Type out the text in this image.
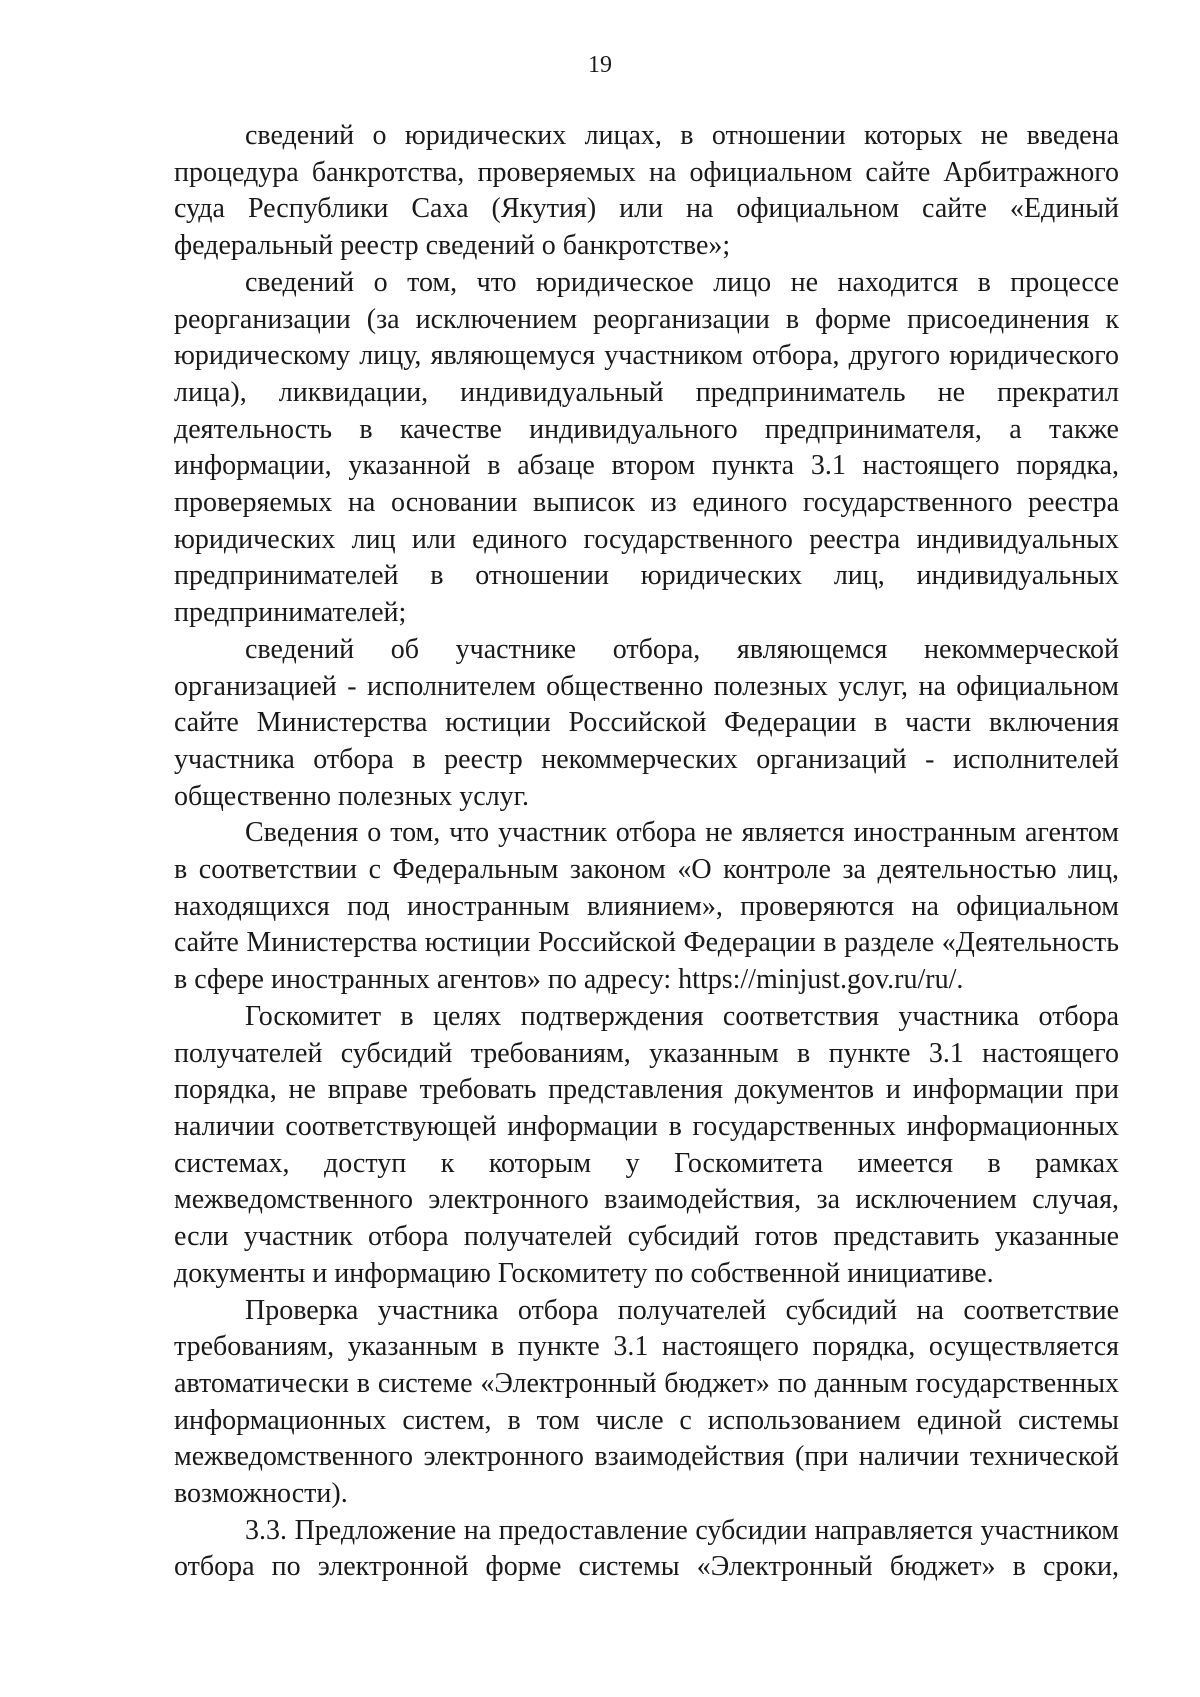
19

сведений о юридических лицах, в отношении которых не введена процедура банкротства, проверяемых на официальном сайте Арбитражного суда Республики Саха (Якутия) или на официальном сайте «Единый федеральный реестр сведений о банкротстве»;

сведений о том, что юридическое лицо не находится в процессе реорганизации (за исключением реорганизации в форме присоединения к юридическому лицу, являющемуся участником отбора, другого юридического лица), ликвидации, индивидуальный предприниматель не прекратил деятельность в качестве индивидуального предпринимателя, а также информации, указанной в абзаце втором пункта 3.1 настоящего порядка, проверяемых на основании выписок из единого государственного реестра юридических лиц или единого государственного реестра индивидуальных предпринимателей в отношении юридических лиц, индивидуальных предпринимателей;

сведений об участнике отбора, являющемся некоммерческой организацией - исполнителем общественно полезных услуг, на официальном сайте Министерства юстиции Российской Федерации в части включения участника отбора в реестр некоммерческих организаций - исполнителей общественно полезных услуг.

Сведения о том, что участник отбора не является иностранным агентом в соответствии с Федеральным законом «О контроле за деятельностью лиц, находящихся под иностранным влиянием», проверяются на официальном сайте Министерства юстиции Российской Федерации в разделе «Деятельность в сфере иностранных агентов» по адресу: https://minjust.gov.ru/ru/.

Госкомитет в целях подтверждения соответствия участника отбора получателей субсидий требованиям, указанным в пункте 3.1 настоящего порядка, не вправе требовать представления документов и информации при наличии соответствующей информации в государственных информационных системах, доступ к которым у Госкомитета имеется в рамках межведомственного электронного взаимодействия, за исключением случая, если участник отбора получателей субсидий готов представить указанные документы и информацию Госкомитету по собственной инициативе.

Проверка участника отбора получателей субсидий на соответствие требованиям, указанным в пункте 3.1 настоящего порядка, осуществляется автоматически в системе «Электронный бюджет» по данным государственных информационных систем, в том числе с использованием единой системы межведомственного электронного взаимодействия (при наличии технической возможности).

3.3. Предложение на предоставление субсидии направляется участником отбора по электронной форме системы «Электронный бюджет» в сроки,
